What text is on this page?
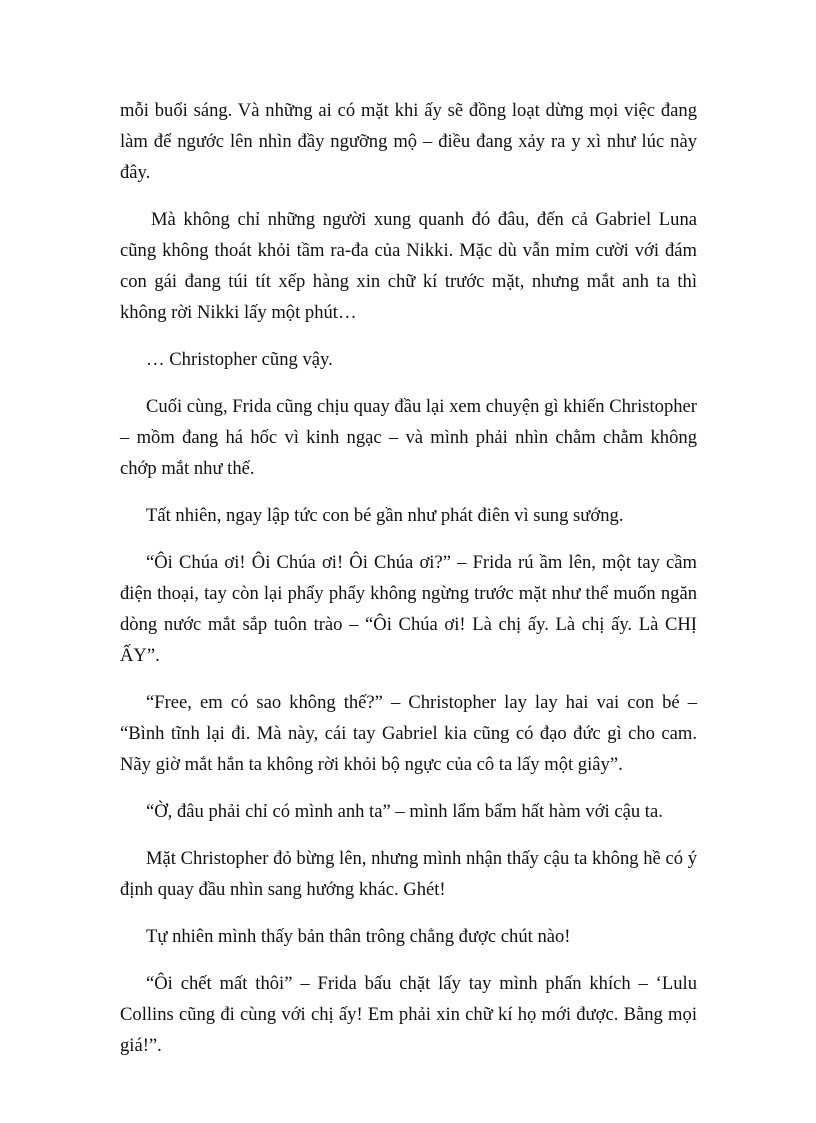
mỗi buổi sáng. Và những ai có mặt khi ấy sẽ đồng loạt dừng mọi việc đang làm để ngước lên nhìn đầy ngưỡng mộ – điều đang xảy ra y xì như lúc này đây.

Mà không chỉ những người xung quanh đó đâu, đến cả Gabriel Luna cũng không thoát khỏi tầm ra-đa của Nikki. Mặc dù vẫn mỉm cười với đám con gái đang túi tít xếp hàng xin chữ kí trước mặt, nhưng mắt anh ta thì không rời Nikki lấy một phút…

… Christopher cũng vậy.

Cuối cùng, Frida cũng chịu quay đầu lại xem chuyện gì khiến Christopher – mồm đang há hốc vì kinh ngạc – và mình phải nhìn chằm chằm không chớp mắt như thế.

Tất nhiên, ngay lập tức con bé gần như phát điên vì sung sướng.

“Ôi Chúa ơi! Ôi Chúa ơi! Ôi Chúa ơi?” – Frida rú ầm lên, một tay cầm điện thoại, tay còn lại phẩy phẩy không ngừng trước mặt như thể muốn ngăn dòng nước mắt sắp tuôn trào – “Ôi Chúa ơi! Là chị ấy. Là chị ấy. Là CHỊ ẤY”.

“Free, em có sao không thế?” – Christopher lay lay hai vai con bé – “Bình tĩnh lại đi. Mà này, cái tay Gabriel kia cũng có đạo đức gì cho cam. Nãy giờ mắt hắn ta không rời khỏi bộ ngực của cô ta lấy một giây”.

“Ờ, đâu phải chỉ có mình anh ta” – mình lẩm bẩm hất hàm với cậu ta.

Mặt Christopher đỏ bừng lên, nhưng mình nhận thấy cậu ta không hề có ý định quay đầu nhìn sang hướng khác. Ghét!

Tự nhiên mình thấy bản thân trông chẳng được chút nào!

“Ôi chết mất thôi” – Frida bấu chặt lấy tay mình phấn khích – ‘Lulu Collins cũng đi cùng với chị ấy! Em phải xin chữ kí họ mới được. Bằng mọi giá!”.
